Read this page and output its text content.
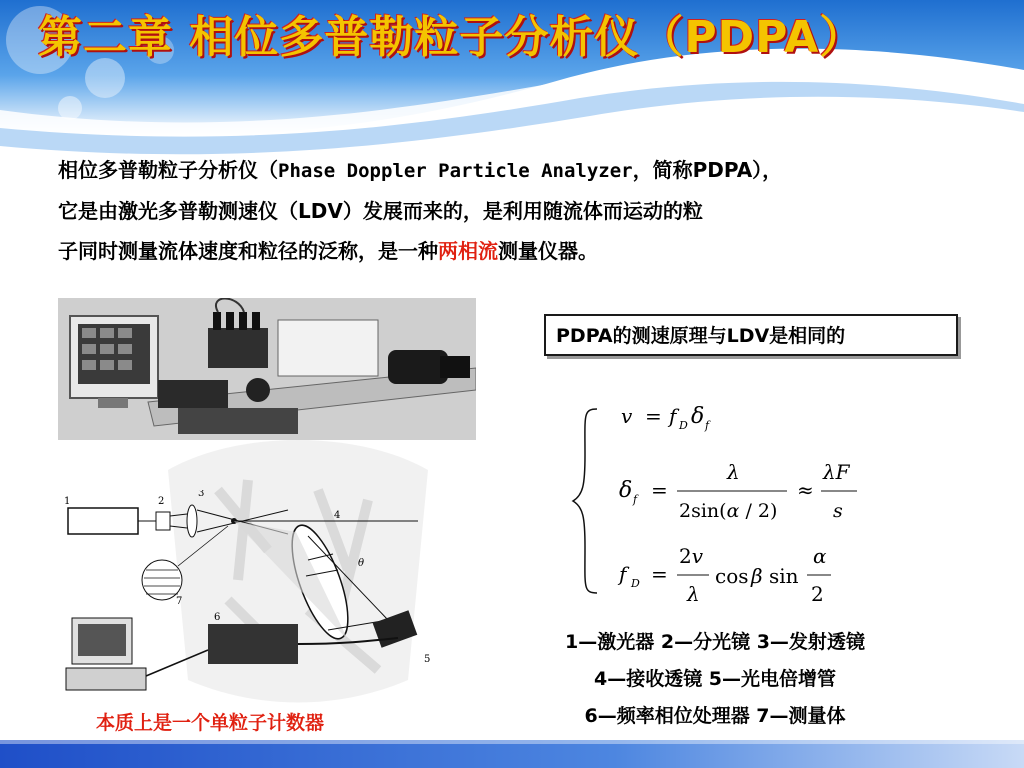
第二章 相位多普勒粒子分析仪（PDPA）

相位多普勒粒子分析仪（Phase Doppler Particle Analyzer，简称PDPA），
它是由激光多普勒测速仪（LDV）发展而来的，是利用随流体而运动的粒
子同时测量流体速度和粒径的泛称，是一种两相流测量仪器。

1	2
3
4
5
6
7
θ
PDPA的测速原理与LDV是相同的
v = f D δ f
δ f =
λ
2sin(α / 2)
≈
λF
s
f D =
2v
λ
cos β sin
α
2

1—激光器 2—分光镜 3—发射透镜
4—接收透镜 5—光电倍增管
6—频率相位处理器 7—测量体

本质上是一个单粒子计数器
